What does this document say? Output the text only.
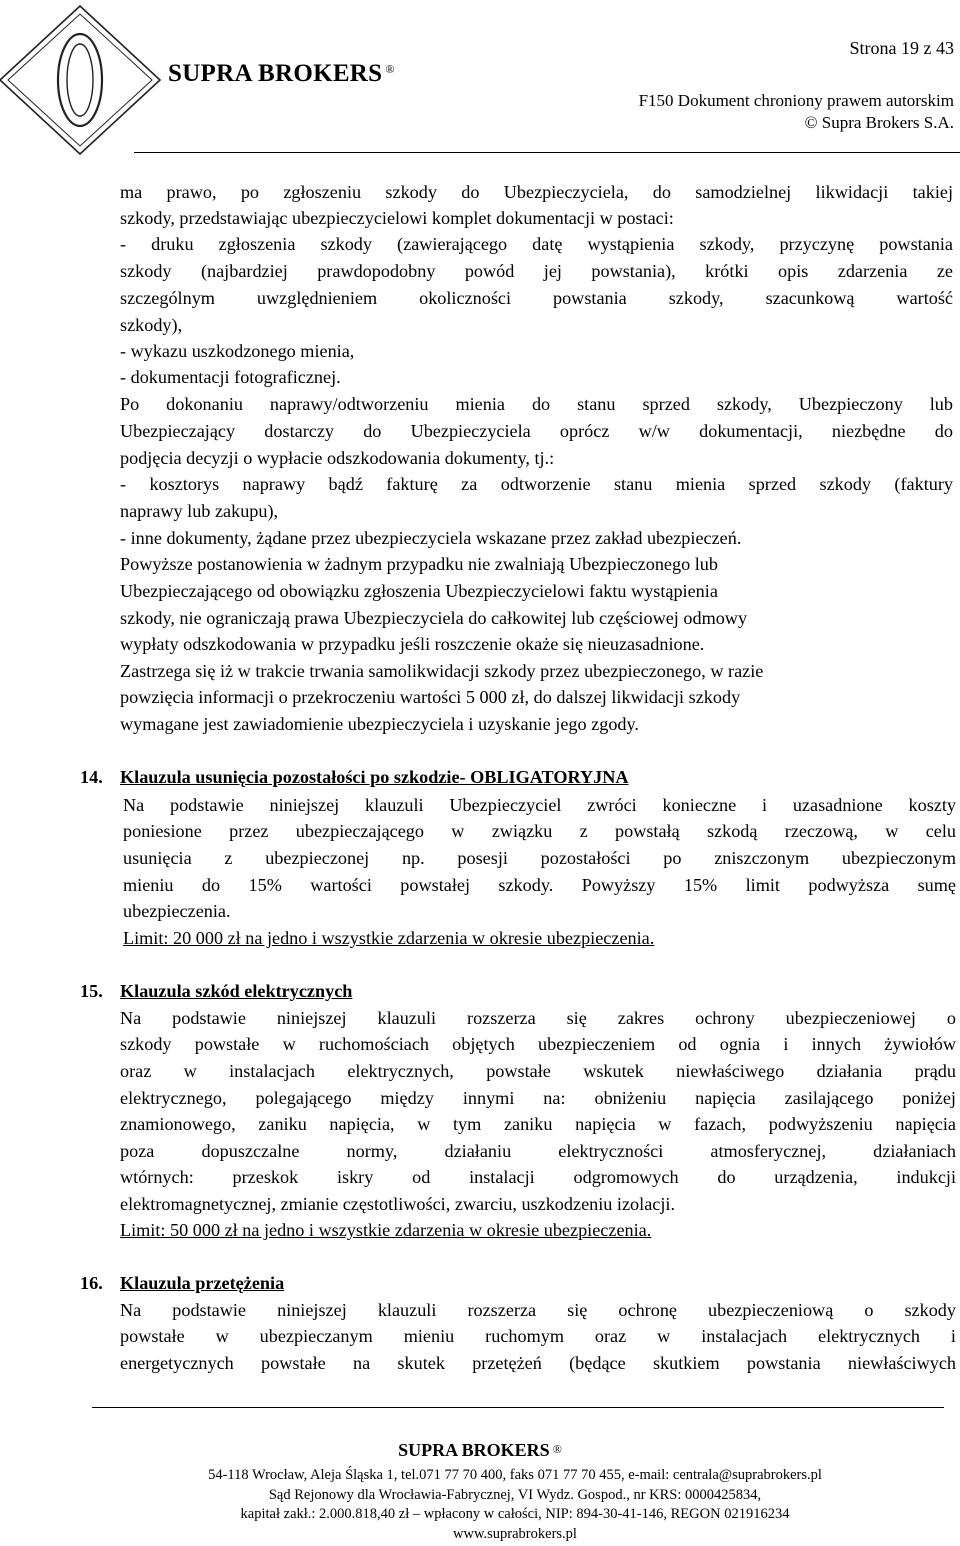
SUPRA BROKERS ®
Strona 19 z 43
F150 Dokument chroniony prawem autorskim
© Supra Brokers S.A.
ma prawo, po zgłoszeniu szkody do Ubezpieczyciela, do samodzielnej likwidacji takiej
szkody, przedstawiając ubezpieczycielowi komplet dokumentacji w postaci:
- druku zgłoszenia szkody (zawierającego datę wystąpienia szkody, przyczynę powstania
szkody (najbardziej prawdopodobny powód jej powstania), krótki opis zdarzenia ze
szczególnym uwzględnieniem okoliczności powstania szkody, szacunkową wartość
szkody),
- wykazu uszkodzonego mienia,
- dokumentacji fotograficznej.
Po dokonaniu naprawy/odtworzeniu mienia do stanu sprzed szkody, Ubezpieczony lub
Ubezpieczający dostarczy do Ubezpieczyciela oprócz w/w dokumentacji, niezbędne do
podjęcia decyzji o wypłacie odszkodowania dokumenty, tj.:
- kosztorys naprawy bądź fakturę za odtworzenie stanu mienia sprzed szkody (faktury
naprawy lub zakupu),
- inne dokumenty, żądane przez ubezpieczyciela wskazane przez zakład ubezpieczeń.
Powyższe postanowienia w żadnym przypadku nie zwalniają Ubezpieczonego lub
Ubezpieczającego od obowiązku zgłoszenia Ubezpieczycielowi faktu wystąpienia
szkody, nie ograniczają prawa Ubezpieczyciela do całkowitej lub częściowej odmowy
wypłaty odszkodowania w przypadku jeśli roszczenie okaże się nieuzasadnione.
Zastrzega się iż w trakcie trwania samolikwidacji szkody przez ubezpieczonego, w razie
powzięcia informacji o przekroczeniu wartości 5 000 zł, do dalszej likwidacji szkody
wymagane jest zawiadomienie ubezpieczyciela i uzyskanie jego zgody.
14. Klauzula usunięcia pozostałości po szkodzie- OBLIGATORYJNA
Na podstawie niniejszej klauzuli Ubezpieczyciel zwróci konieczne i uzasadnione koszty
poniesione przez ubezpieczającego w związku z powstałą szkodą rzeczową, w celu
usunięcia z ubezpieczonej np. posesji pozostałości po zniszczonym ubezpieczonym
mieniu do 15% wartości powstałej szkody. Powyższy 15% limit podwyższa sumę
ubezpieczenia.
Limit: 20 000 zł na jedno i wszystkie zdarzenia w okresie ubezpieczenia.
15. Klauzula szkód elektrycznych
Na podstawie niniejszej klauzuli rozszerza się zakres ochrony ubezpieczeniowej o
szkody powstałe w ruchomościach objętych ubezpieczeniem od ognia i innych żywiołów
oraz w instalacjach elektrycznych, powstałe wskutek niewłaściwego działania prądu
elektrycznego, polegającego między innymi na: obniżeniu napięcia zasilającego poniżej
znamionowego, zaniku napięcia, w tym zaniku napięcia w fazach, podwyższeniu napięcia
poza dopuszczalne normy, działaniu elektryczności atmosferycznej, działaniach
wtórnych: przeskok iskry od instalacji odgromowych do urządzenia, indukcji
elektromagnetycznej, zmianie częstotliwości, zwarciu, uszkodzeniu izolacji.
Limit: 50 000 zł na jedno i wszystkie zdarzenia w okresie ubezpieczenia.
16. Klauzula przetężenia
Na podstawie niniejszej klauzuli rozszerza się ochronę ubezpieczeniową o szkody
powstałe w ubezpieczanym mieniu ruchomym oraz w instalacjach elektrycznych i
energetycznych powstałe na skutek przetężeń (będące skutkiem powstania niewłaściwych
SUPRA BROKERS ®
54-118 Wrocław, Aleja Śląska 1, tel.071 77 70 400, faks 071 77 70 455, e-mail: centrala@suprabrokers.pl
Sąd Rejonowy dla Wrocławia-Fabrycznej, VI Wydz. Gospod., nr KRS: 0000425834,
kapitał zakł.: 2.000.818,40 zł – wpłacony w całości, NIP: 894-30-41-146, REGON 021916234
www.suprabrokers.pl
